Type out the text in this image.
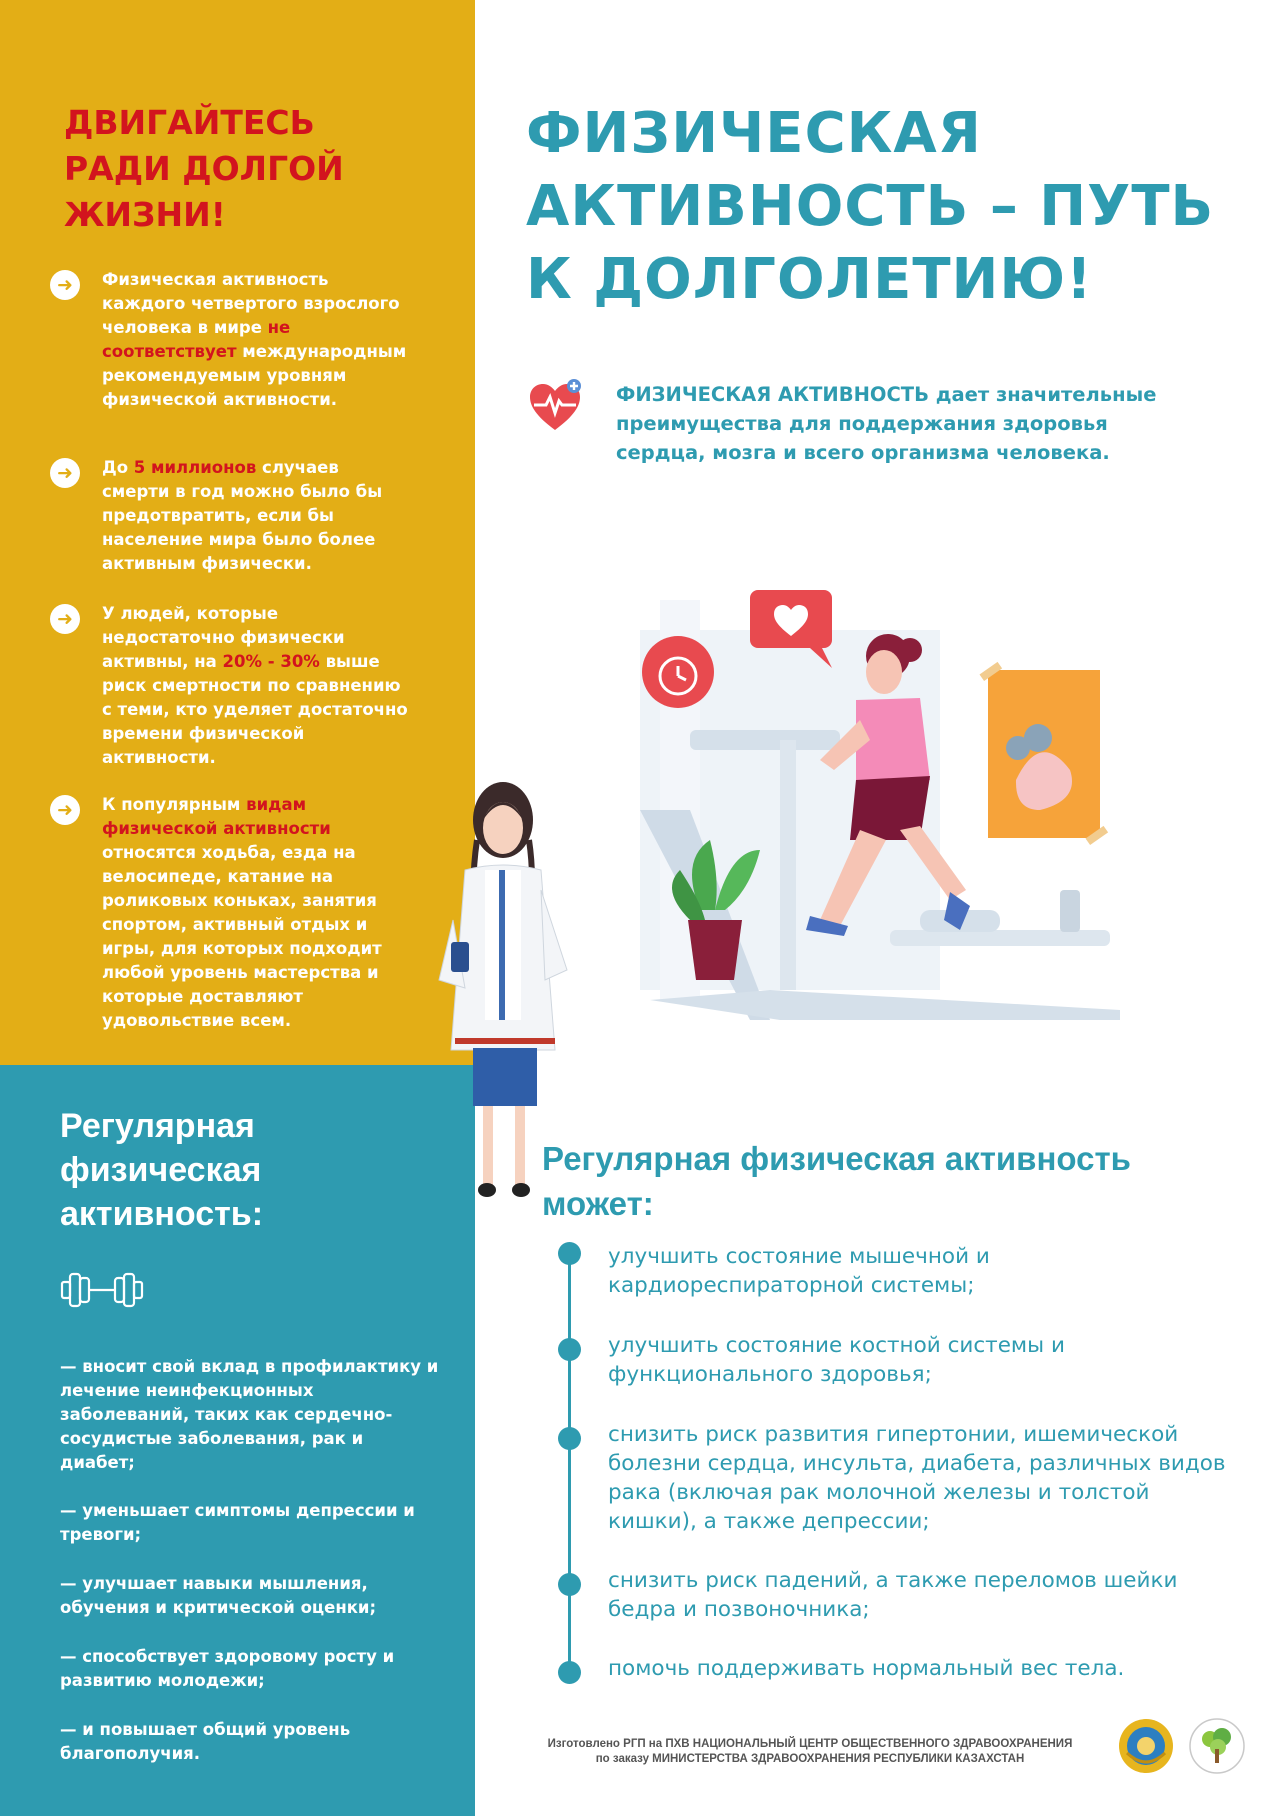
ДВИГАЙТЕСЬ РАДИ ДОЛГОЙ ЖИЗНИ!
➜	Физическая активность каждого четвертого взрослого человека в мире не соответствует международным рекомендуемым уровням физической активности.

➜	До 5 миллионов случаев смерти в год можно было бы предотвратить, если бы население мира было более активным физически.

➜	У людей, которые недостаточно физически активны, на 20% - 30% выше риск смертности по сравнению с теми, кто уделяет достаточно времени физической активности.

➜	К популярным видам физической активности относятся ходьба, езда на велосипеде, катание на роликовых коньках, занятия спортом, активный отдых и игры, для которых подходит любой уровень мастерства и которые доставляют удовольствие всем.

Регулярная физическая активность:

— вносит свой вклад в профилактику и лечение неинфекционных заболеваний, таких как сердечно-сосудистые заболевания, рак и диабет;

— уменьшает симптомы депрессии и тревоги;

— улучшает навыки мышления, обучения и критической оценки;

— способствует здоровому росту и развитию молодежи;

— и повышает общий уровень благополучия.

ФИЗИЧЕСКАЯ АКТИВНОСТЬ – ПУТЬ К ДОЛГОЛЕТИЮ!

ФИЗИЧЕСКАЯ АКТИВНОСТЬ дает значительные преимущества для поддержания здоровья сердца, мозга и всего организма человека.

Регулярная физическая активность может:

улучшить состояние мышечной и кардиореспираторной системы;

улучшить состояние костной системы и функционального здоровья;

снизить риск развития гипертонии, ишемической болезни сердца, инсульта, диабета, различных видов рака (включая рак молочной железы и толстой кишки), а также депрессии;

снизить риск падений, а также переломов шейки бедра и позвоночника;

помочь поддерживать нормальный вес тела.

Изготовлено РГП на ПХВ НАЦИОНАЛЬНЫЙ ЦЕНТР ОБЩЕСТВЕННОГО ЗДРАВООХРАНЕНИЯ
по заказу МИНИСТЕРСТВА ЗДРАВООХРАНЕНИЯ РЕСПУБЛИКИ КАЗАХСТАН
